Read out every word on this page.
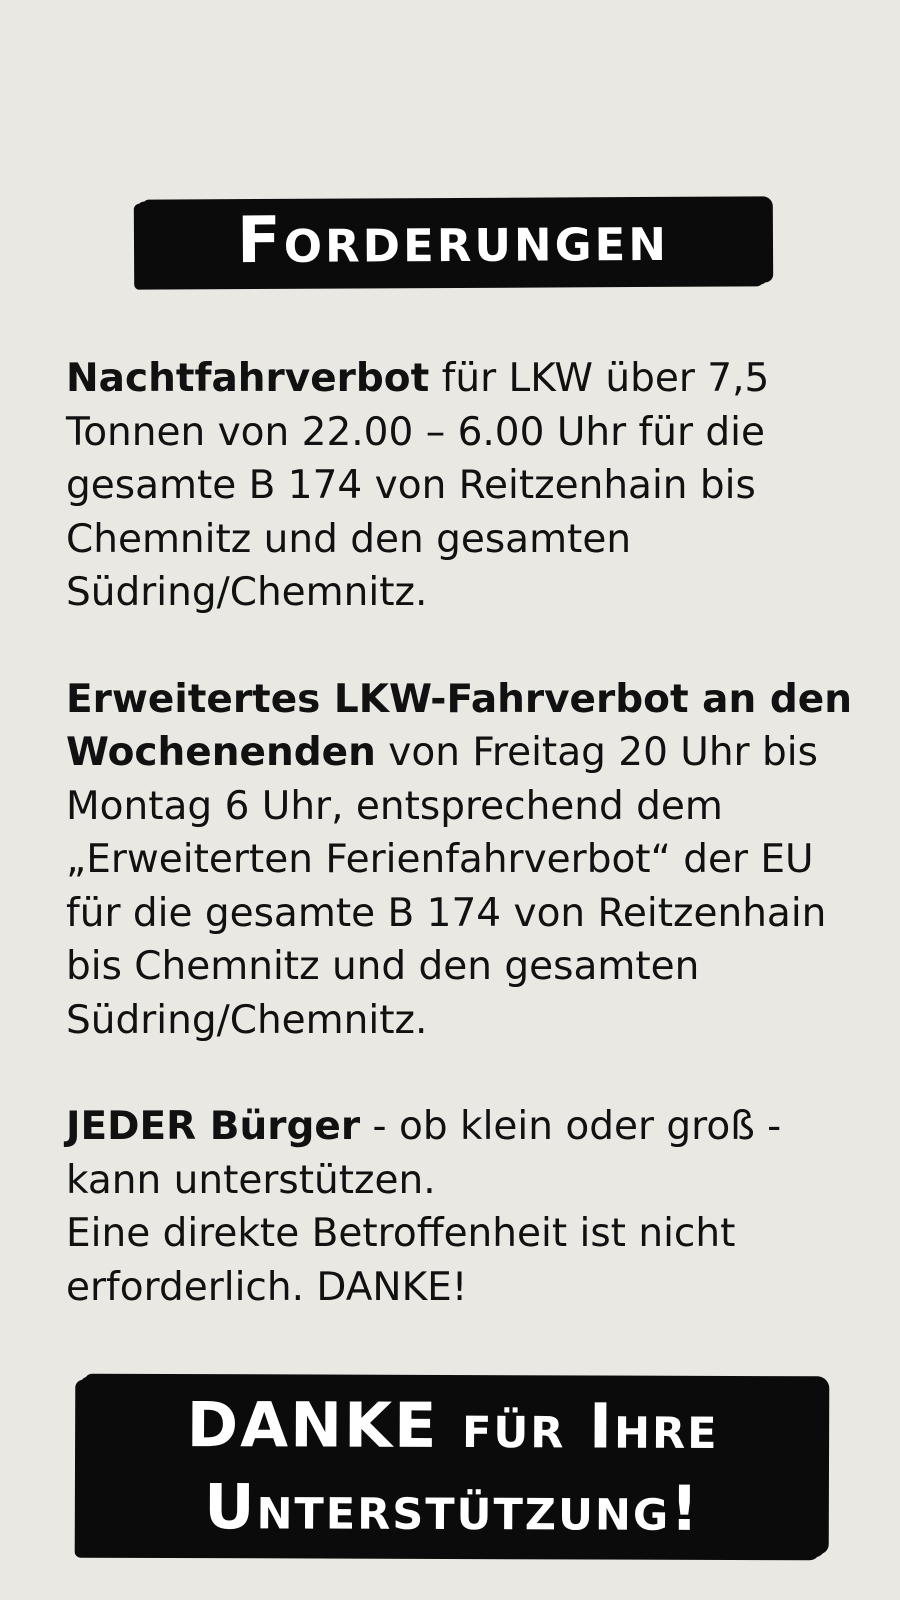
Forderungen

Nachtfahrverbot für LKW über 7,5 Tonnen von 22.00 – 6.00 Uhr für die gesamte B 174 von Reitzenhain bis Chemnitz und den gesamten Südring/Chemnitz.

Erweitertes LKW-Fahrverbot an den Wochenenden von Freitag 20 Uhr bis Montag 6 Uhr, entsprechend dem „Erweiterten Ferienfahrverbot“ der EU für die gesamte B 174 von Reitzenhain bis Chemnitz und den gesamten Südring/Chemnitz.

JEDER Bürger - ob klein oder groß - kann unterstützen.

Eine direkte Betroffenheit ist nicht erforderlich. DANKE!

DANKE für Ihre
Unterstützung!
